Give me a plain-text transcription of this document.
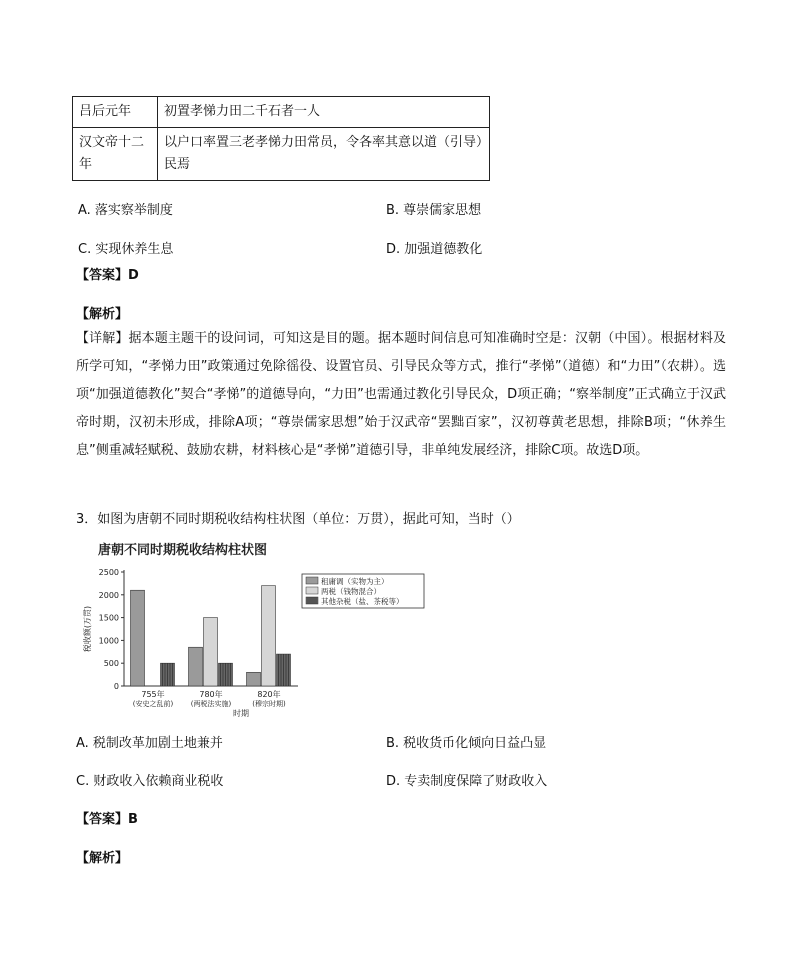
吕后元年	初置孝悌力田二千石者一人
汉文帝十二年	以户口率置三老孝悌力田常员，令各率其意以道（引导）民焉
A. 落实察举制度	B. 尊崇儒家思想
C. 实现休养生息	D. 加强道德教化
【答案】D
【解析】
【详解】据本题主题干的设问词，可知这是目的题。据本题时间信息可知准确时空是：汉朝（中国）。根据材料及所学可知，“孝悌力田”政策通过免除徭役、设置官员、引导民众等方式，推行“孝悌”（道德）和“力田”（农耕）。选项“加强道德教化”契合“孝悌”的道德导向，“力田”也需通过教化引导民众，D项正确；“察举制度”正式确立于汉武帝时期，汉初未形成，排除A项；“尊崇儒家思想”始于汉武帝“罢黜百家”，汉初尊黄老思想，排除B项；“休养生息”侧重减轻赋税、鼓励农耕，材料核心是“孝悌”道德引导，非单纯发展经济，排除C项。故选D项。
3．如图为唐朝不同时期税收结构柱状图（单位：万贯），据此可知，当时（）
唐朝不同时期税收结构柱状图
0
500
1000
1500
2000
2500
税收额(万贯)
755年
(安史之乱前)
780年
(两税法实施)
820年
(穆宗时期)
时期
租庸调（实物为主）
两税（钱物混合）
其他杂税（盐、茶税等）
A. 税制改革加剧土地兼并	B. 税收货币化倾向日益凸显
C. 财政收入依赖商业税收	D. 专卖制度保障了财政收入
【答案】B
【解析】
